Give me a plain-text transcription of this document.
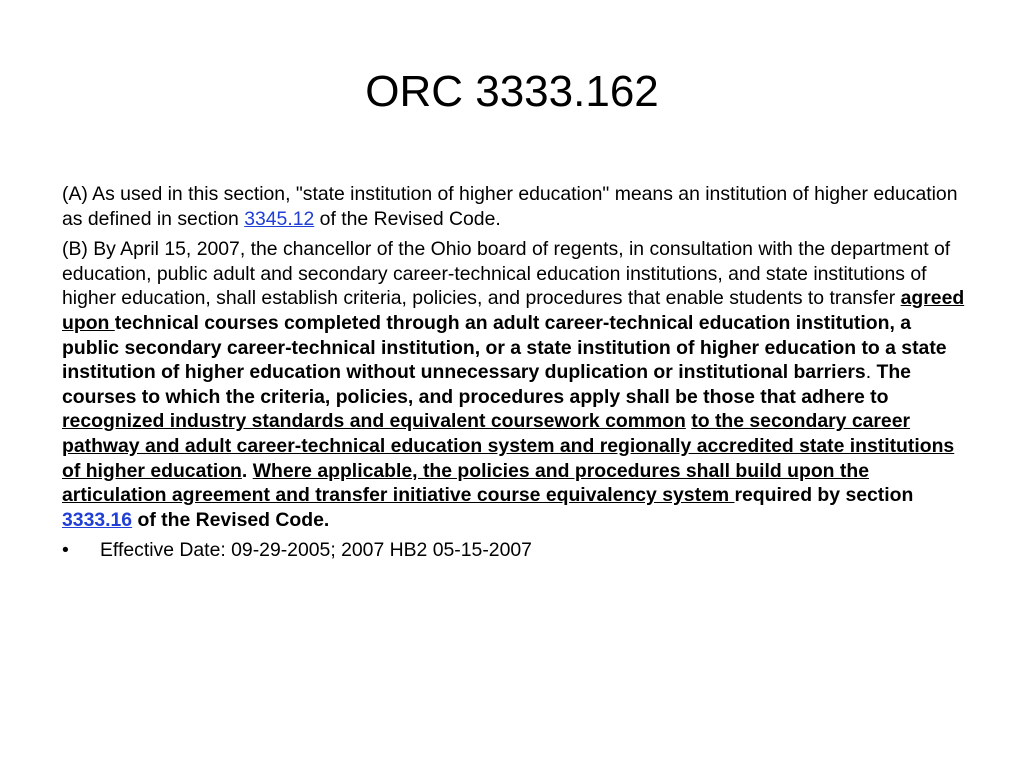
ORC 3333.162

(A) As used in this section, "state institution of higher education" means an institution of higher education as defined in section 3345.12 of the Revised Code.

(B) By April 15, 2007, the chancellor of the Ohio board of regents, in consultation with the department of education, public adult and secondary career-technical education institutions, and state institutions of higher education, shall establish criteria, policies, and procedures that enable students to transfer agreed upon technical courses completed through an adult career-technical education institution, a public secondary career-technical institution, or a state institution of higher education to a state institution of higher education without unnecessary duplication or institutional barriers. The courses to which the criteria, policies, and procedures apply shall be those that adhere to recognized industry standards and equivalent coursework common to the secondary career pathway and adult career-technical education system and regionally accredited state institutions of higher education. Where applicable, the policies and procedures shall build upon the articulation agreement and transfer initiative course equivalency system required by section 3333.16 of the Revised Code.

• Effective Date: 09-29-2005; 2007 HB2 05-15-2007
